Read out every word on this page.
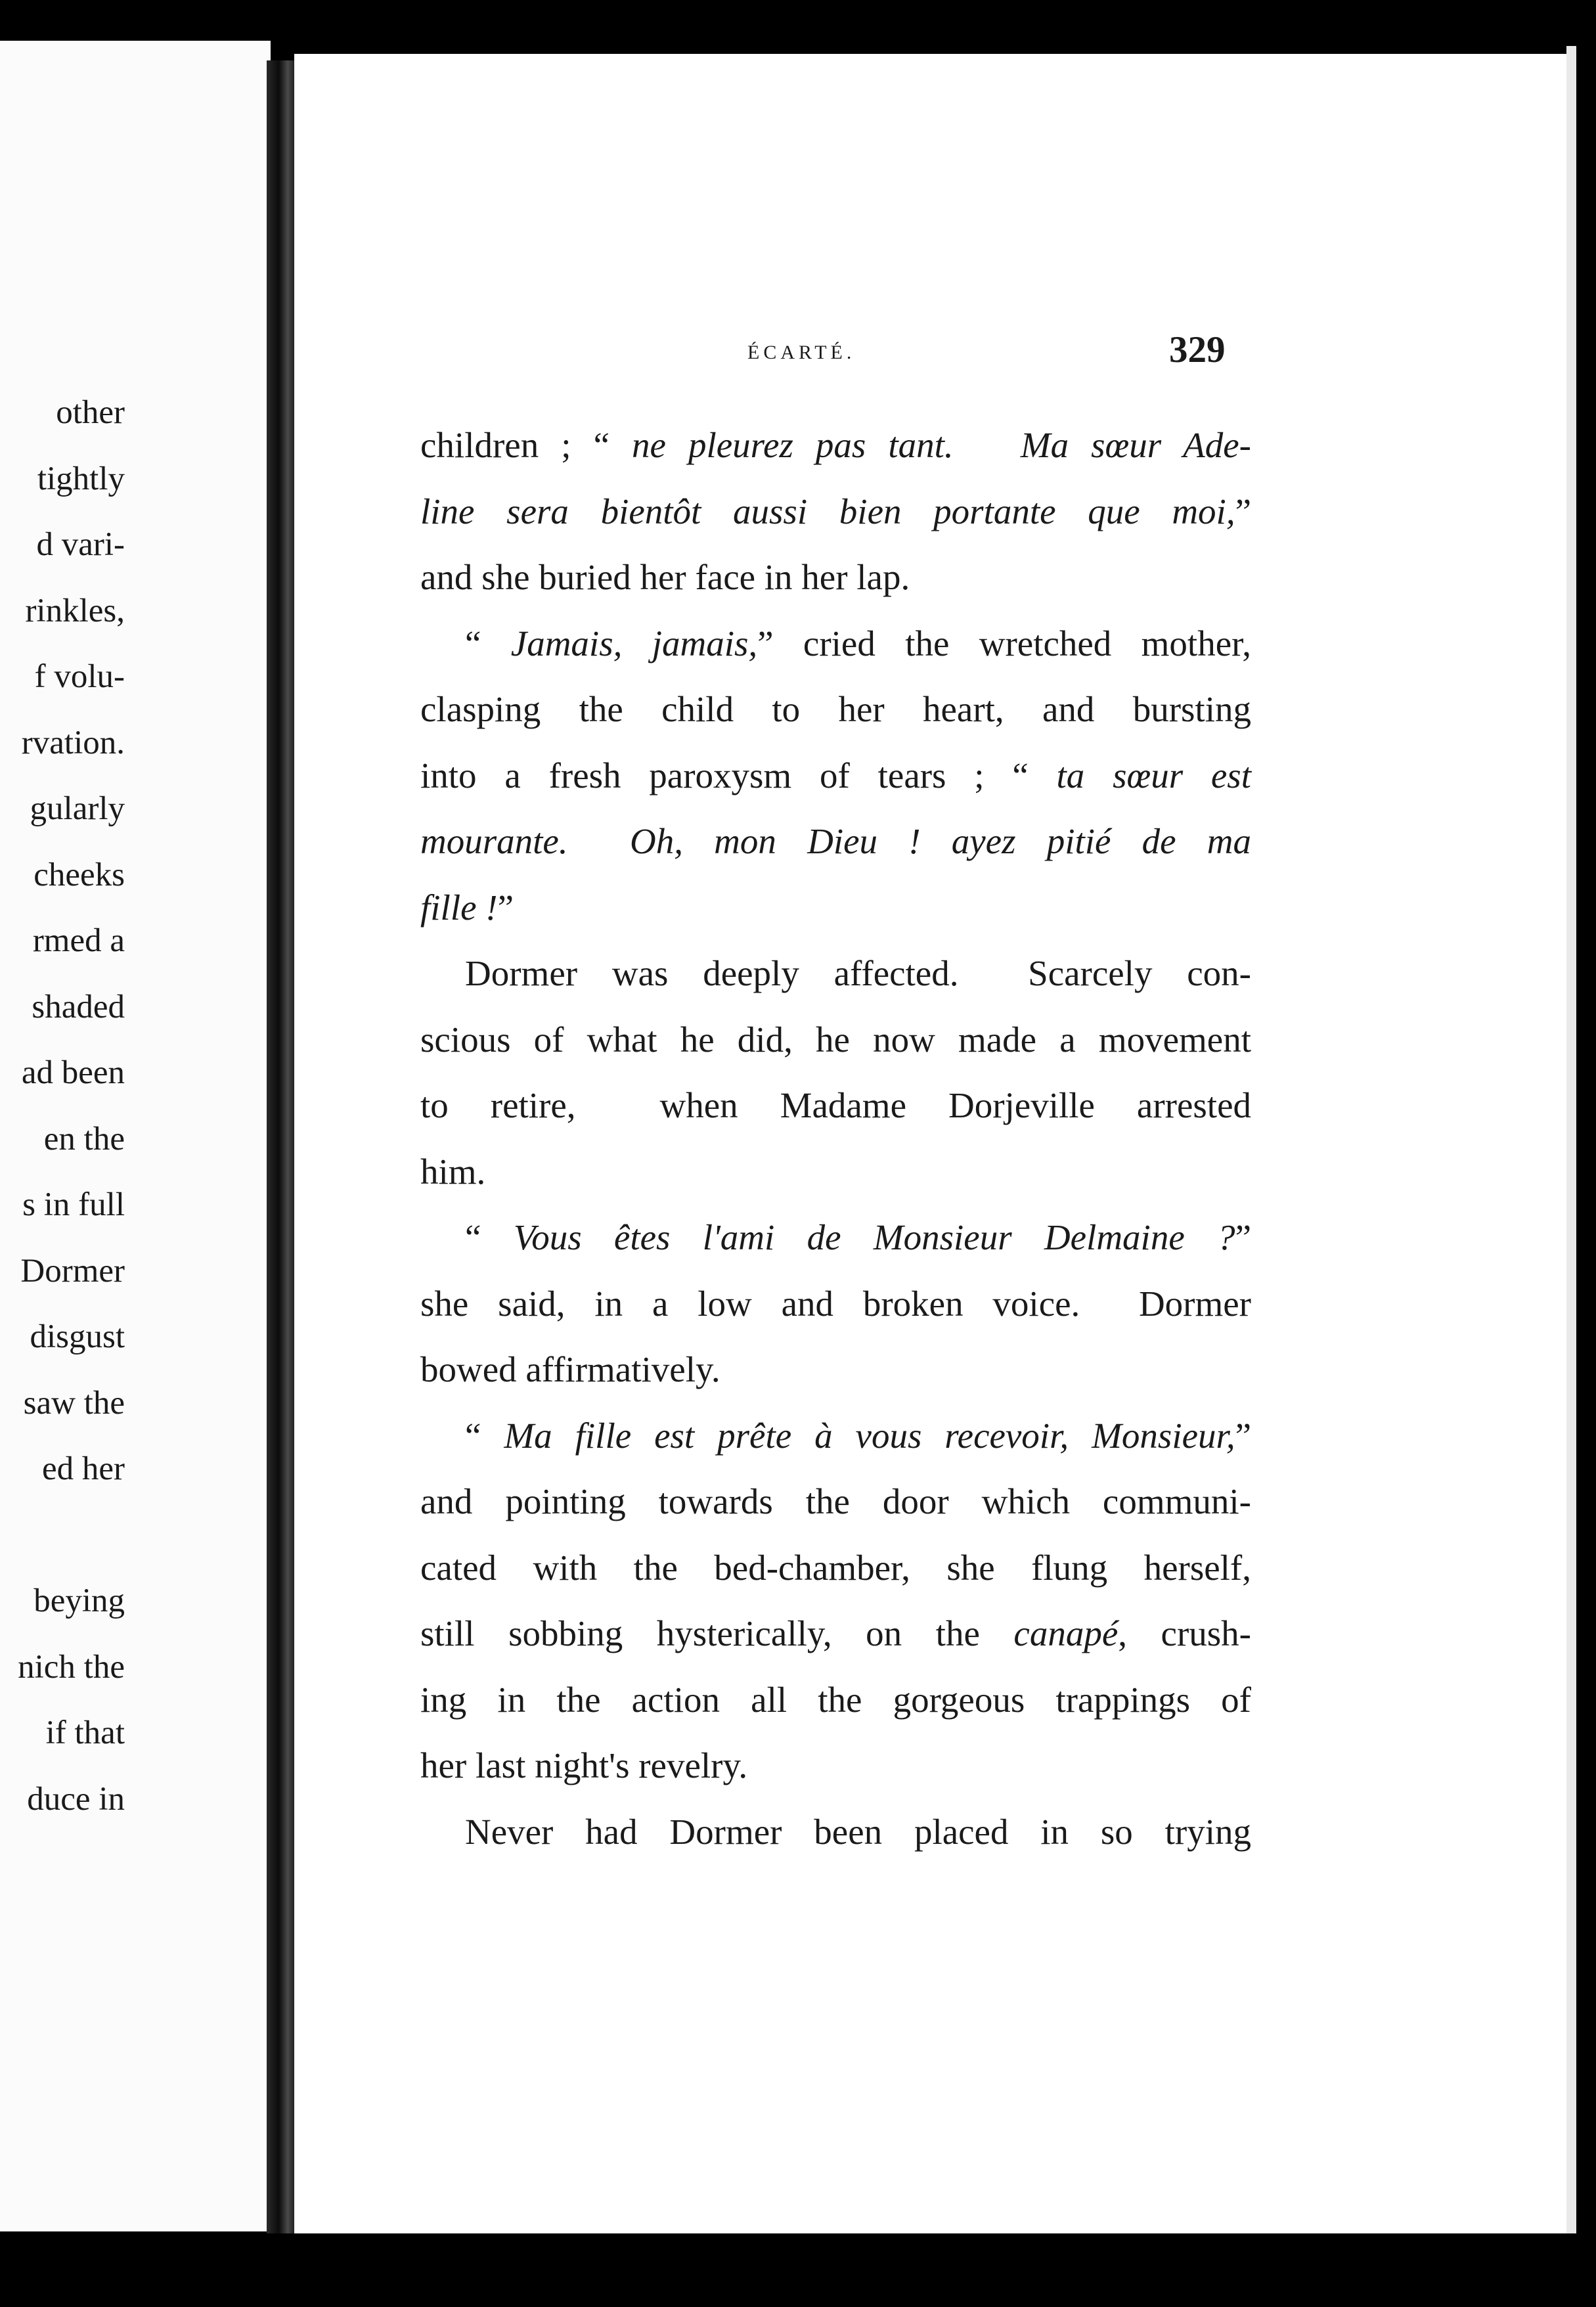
other
tightly
d vari-
rinkles,
f volu-
rvation.
gularly
cheeks
rmed a
shaded
ad been
en the
s in full
Dormer
disgust
saw the
ed her
beying
nich the
if that
duce in
ÉCARTÉ.	329
children ; “ ne pleurez pas tant.   Ma sœur Ade-
line sera bientôt aussi bien portante que moi,”
and she buried her face in her lap.
“ Jamais, jamais,” cried the wretched mother,
clasping the child to her heart, and bursting
into a fresh paroxysm of tears ; “ ta sœur est
mourante.  Oh, mon Dieu ! ayez pitié de ma
fille !”
Dormer was deeply affected.  Scarcely con-
scious of what he did, he now made a movement
to retire,  when Madame Dorjeville arrested
him.
“ Vous êtes l'ami de Monsieur Delmaine ?”
she said, in a low and broken voice.  Dormer
bowed affirmatively.
“ Ma fille est prête à vous recevoir, Monsieur,”
and pointing towards the door which communi-
cated with the bed-chamber, she flung herself,
still sobbing hysterically, on the canapé, crush-
ing in the action all the gorgeous trappings of
her last night's revelry.
Never had Dormer been placed in so trying
